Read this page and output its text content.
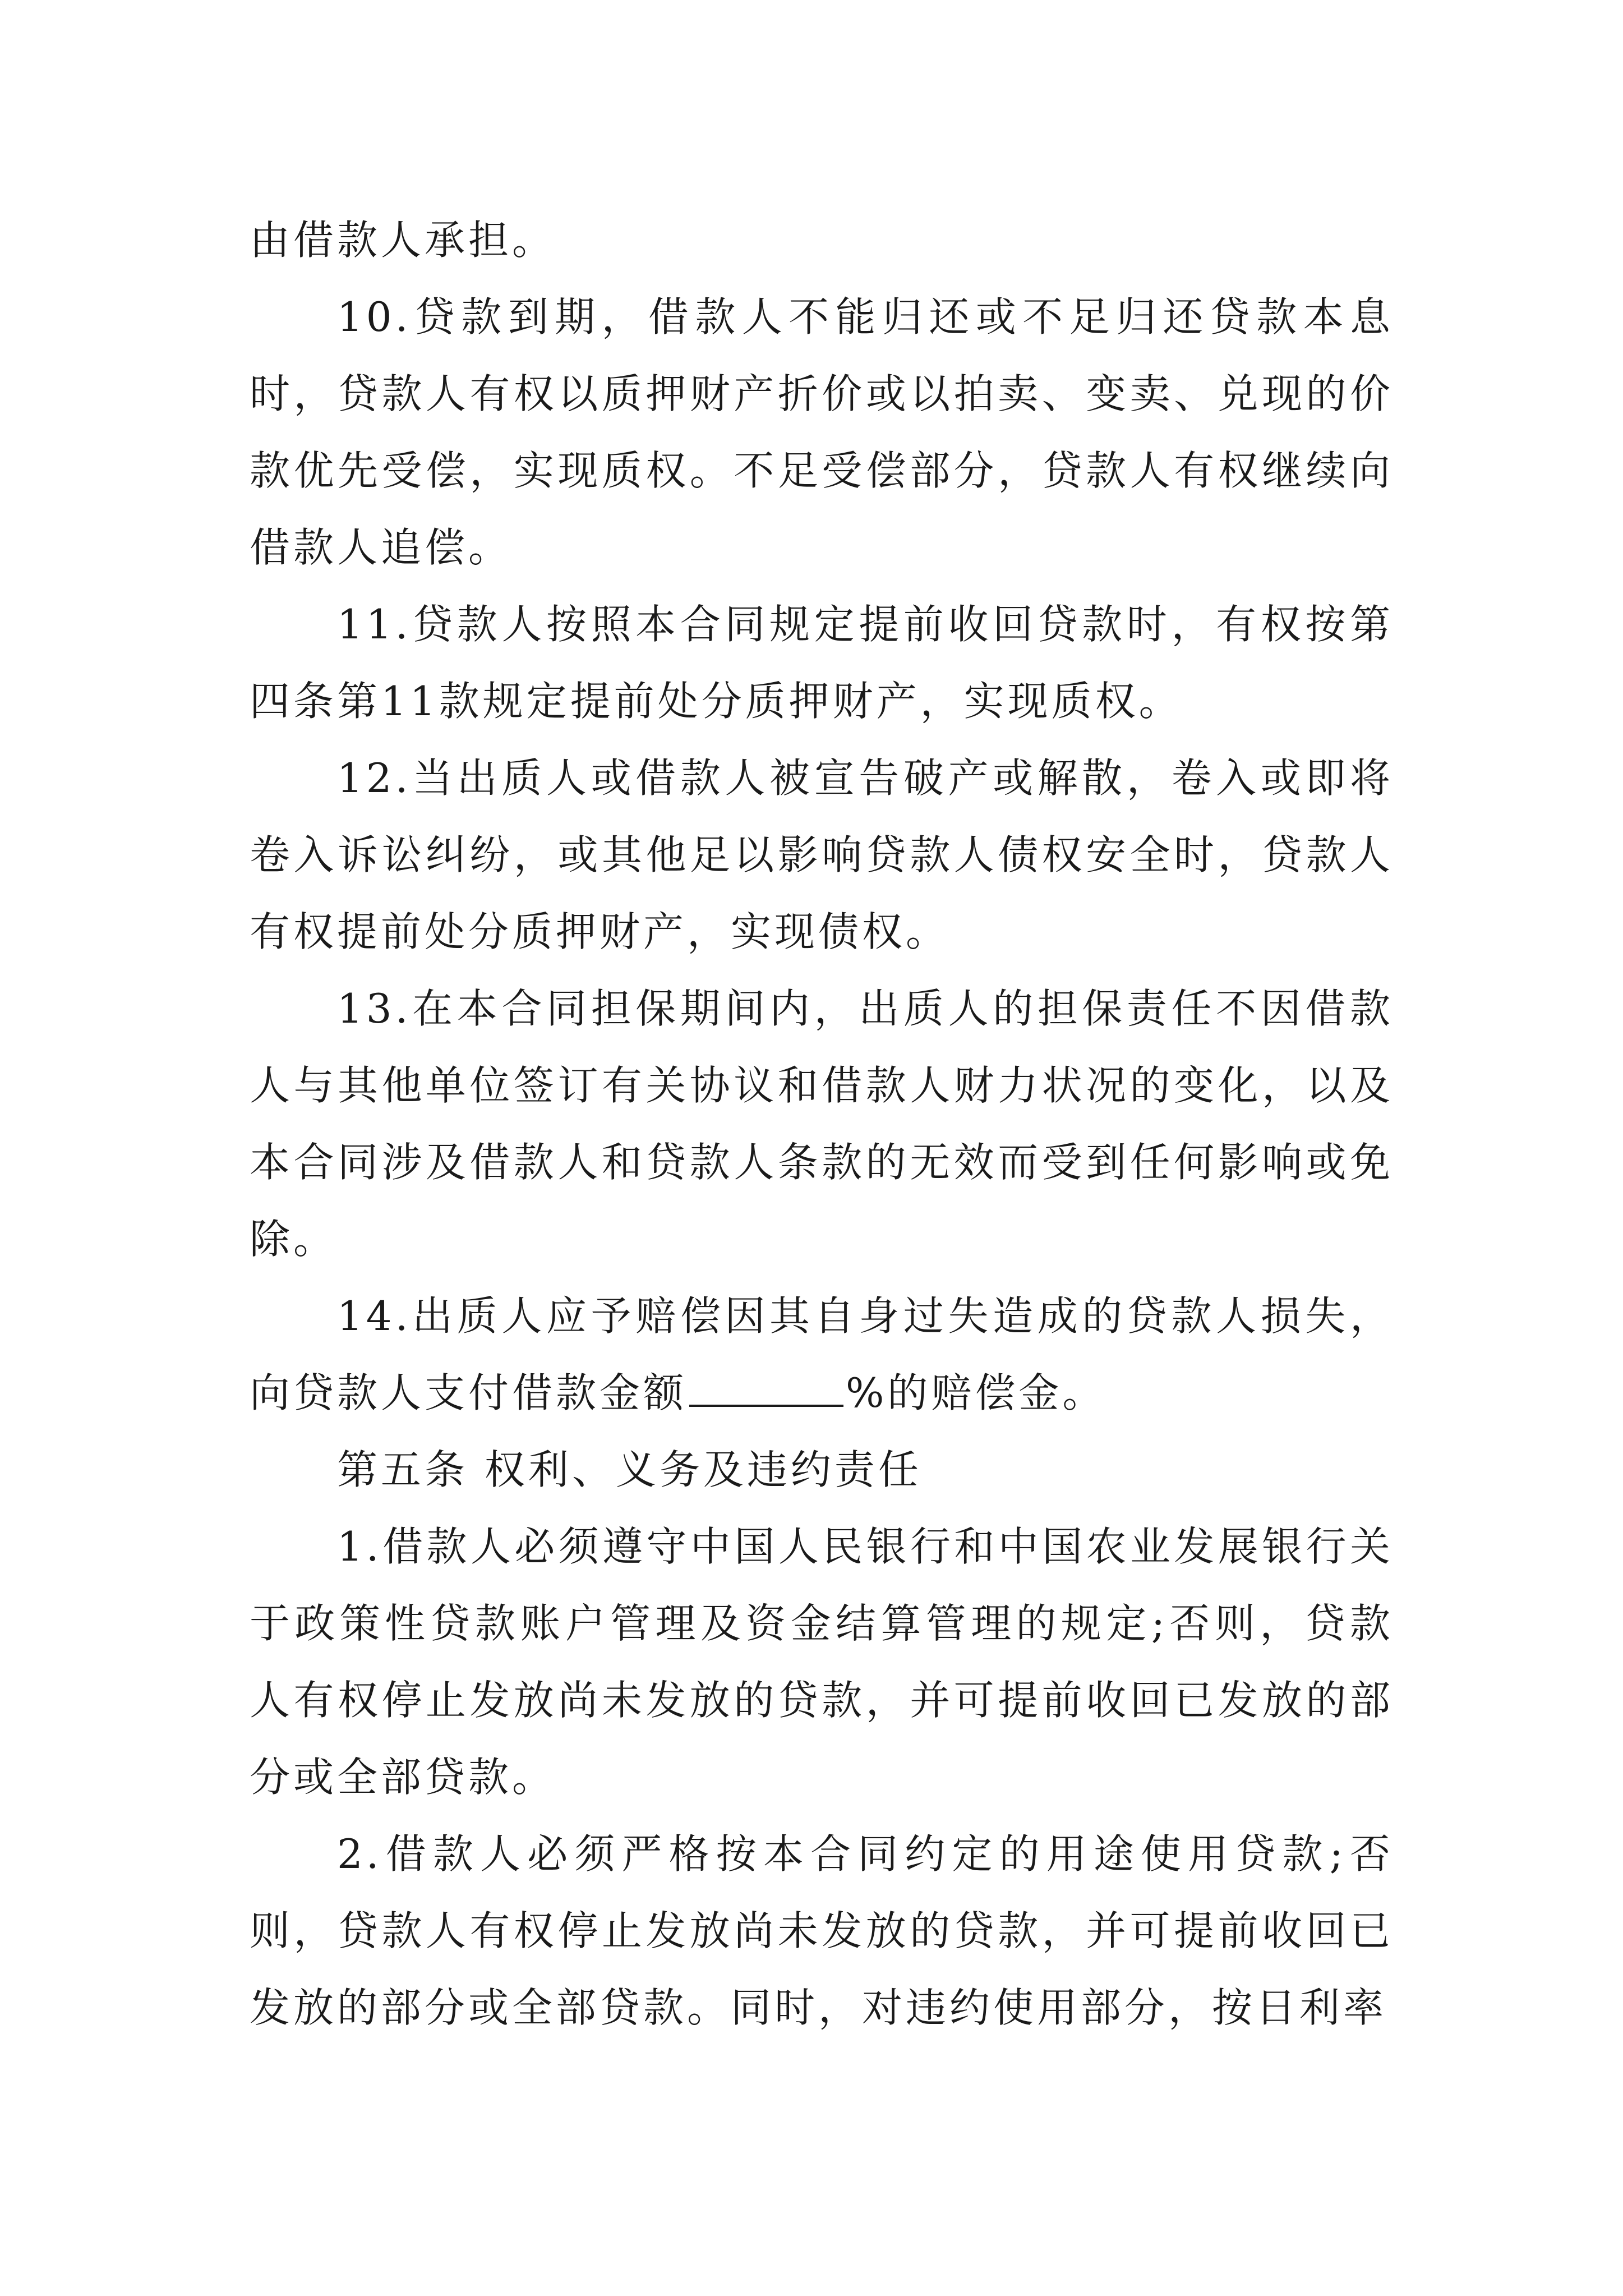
由借款人承担。

10.贷款到期，借款人不能归还或不足归还贷款本息时，贷款人有权以质押财产折价或以拍卖、变卖、兑现的价款优先受偿，实现质权。不足受偿部分，贷款人有权继续向借款人追偿。

11.贷款人按照本合同规定提前收回贷款时，有权按第四条第11款规定提前处分质押财产，实现质权。

12.当出质人或借款人被宣告破产或解散，卷入或即将卷入诉讼纠纷，或其他足以影响贷款人债权安全时，贷款人有权提前处分质押财产，实现债权。

13.在本合同担保期间内，出质人的担保责任不因借款人与其他单位签订有关协议和借款人财力状况的变化，以及本合同涉及借款人和贷款人条款的无效而受到任何影响或免除。

14.出质人应予赔偿因其自身过失造成的贷款人损失，向贷款人支付借款金额	%的赔偿金。

第五条 权利、义务及违约责任

1.借款人必须遵守中国人民银行和中国农业发展银行关于政策性贷款账户管理及资金结算管理的规定;否则，贷款人有权停止发放尚未发放的贷款，并可提前收回已发放的部分或全部贷款。

2.借款人必须严格按本合同约定的用途使用贷款;否则，贷款人有权停止发放尚未发放的贷款，并可提前收回已发放的部分或全部贷款。同时，对违约使用部分，按日利率
